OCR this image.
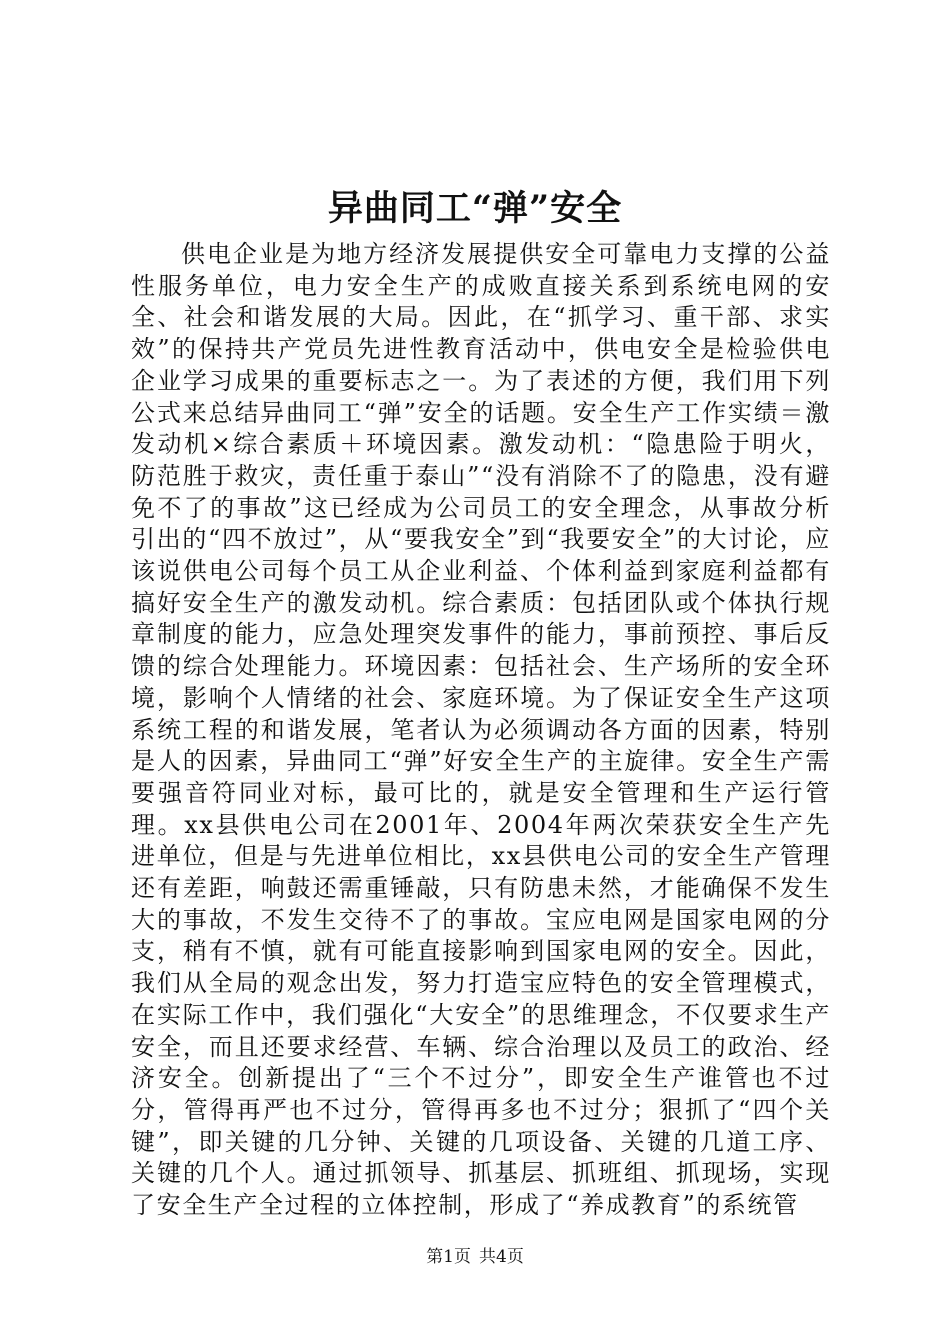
异曲同工“弹”安全

供电企业是为地方经济发展提供安全可靠电力支撑的公益性服务单位，电力安全生产的成败直接关系到系统电网的安全、社会和谐发展的大局。因此，在“抓学习、重干部、求实效”的保持共产党员先进性教育活动中，供电安全是检验供电企业学习成果的重要标志之一。为了表述的方便，我们用下列公式来总结异曲同工“弹”安全的话题。安全生产工作实绩＝激发动机×综合素质＋环境因素。激发动机：“隐患险于明火，防范胜于救灾，责任重于泰山”“没有消除不了的隐患，没有避免不了的事故”这已经成为公司员工的安全理念，从事故分析引出的“四不放过”，从“要我安全”到“我要安全”的大讨论，应该说供电公司每个员工从企业利益、个体利益到家庭利益都有搞好安全生产的激发动机。综合素质：包括团队或个体执行规章制度的能力，应急处理突发事件的能力，事前预控、事后反馈的综合处理能力。环境因素：包括社会、生产场所的安全环境，影响个人情绪的社会、家庭环境。为了保证安全生产这项系统工程的和谐发展，笔者认为必须调动各方面的因素，特别是人的因素，异曲同工“弹”好安全生产的主旋律。安全生产需要强音符同业对标，最可比的，就是安全管理和生产运行管理。xx县供电公司在2001年、2004年两次荣获安全生产先进单位，但是与先进单位相比，xx县供电公司的安全生产管理还有差距，响鼓还需重锤敲，只有防患未然，才能确保不发生大的事故，不发生交待不了的事故。宝应电网是国家电网的分支，稍有不慎，就有可能直接影响到国家电网的安全。因此，我们从全局的观念出发，努力打造宝应特色的安全管理模式，在实际工作中，我们强化“大安全”的思维理念，不仅要求生产安全，而且还要求经营、车辆、综合治理以及员工的政治、经济安全。创新提出了“三个不过分”，即安全生产谁管也不过分，管得再严也不过分，管得再多也不过分；狠抓了“四个关键”，即关键的几分钟、关键的几项设备、关键的几道工序、关键的几个人。通过抓领导、抓基层、抓班组、抓现场，实现了安全生产全过程的立体控制，形成了“养成教育”的系统管

第1页 共4页
